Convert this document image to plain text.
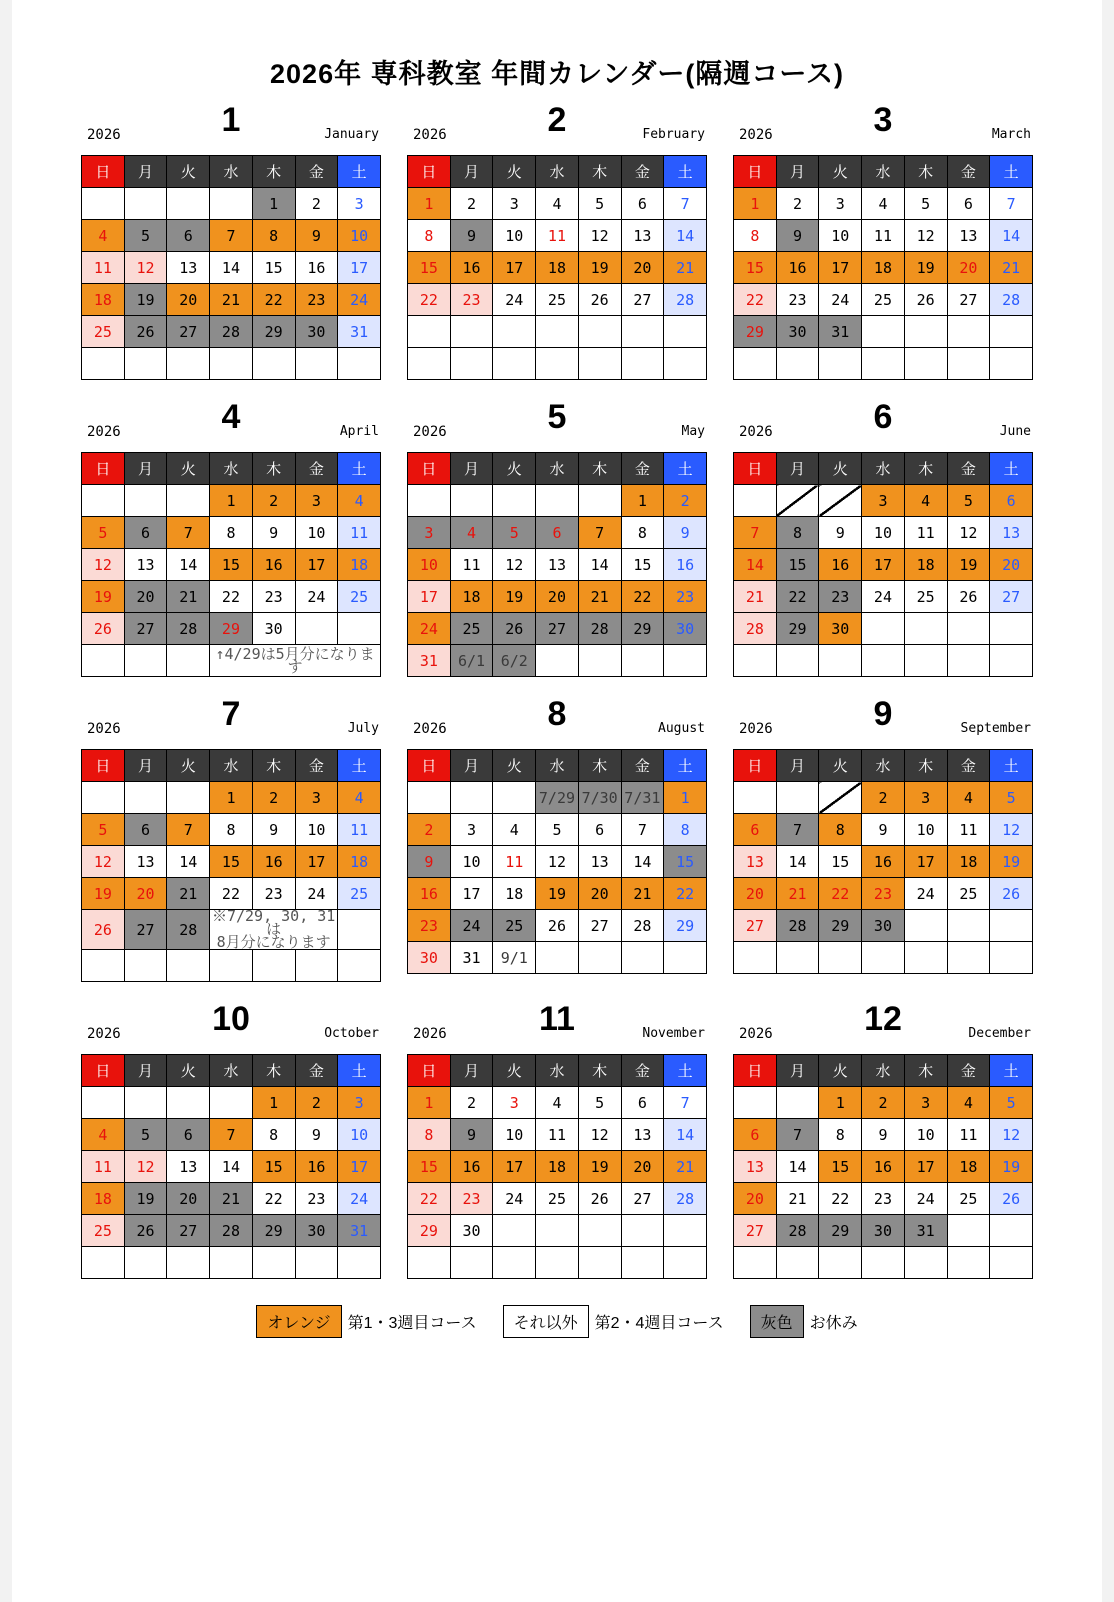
2026年 専科教室 年間カレンダー(隔週コース)
1
2026	January
日	月	火	水	木	金	土
				1	2	3
4	5	6	7	8	9	10
11	12	13	14	15	16	17
18	19	20	21	22	23	24
25	26	27	28	29	30	31

2
2026	February
日	月	火	水	木	金	土
1	2	3	4	5	6	7
8	9	10	11	12	13	14
15	16	17	18	19	20	21
22	23	24	25	26	27	28

3
2026	March
日	月	火	水	木	金	土
1	2	3	4	5	6	7
8	9	10	11	12	13	14
15	16	17	18	19	20	21
22	23	24	25	26	27	28
29	30	31				

4
2026	April
日	月	火	水	木	金	土
			1	2	3	4
5	6	7	8	9	10	11
12	13	14	15	16	17	18
19	20	21	22	23	24	25
26	27	28	29	30		
			↑4/29は5月分になります			
5
2026	May
日	月	火	水	木	金	土
					1	2
3	4	5	6	7	8	9
10	11	12	13	14	15	16
17	18	19	20	21	22	23
24	25	26	27	28	29	30
31	6/1	6/2				
6
2026	June
日	月	火	水	木	金	土
			3	4	5	6
7	8	9	10	11	12	13
14	15	16	17	18	19	20
21	22	23	24	25	26	27
28	29	30				

7
2026	July
日	月	火	水	木	金	土
			1	2	3	4
5	6	7	8	9	10	11
12	13	14	15	16	17	18
19	20	21	22	23	24	25
26	27	28	※7/29, 30, 31は
8月分になります			

8
2026	August
日	月	火	水	木	金	土
			7/29	7/30	7/31	1
2	3	4	5	6	7	8
9	10	11	12	13	14	15
16	17	18	19	20	21	22
23	24	25	26	27	28	29
30	31	9/1				
9
2026	September
日	月	火	水	木	金	土
			2	3	4	5
6	7	8	9	10	11	12
13	14	15	16	17	18	19
20	21	22	23	24	25	26
27	28	29	30			

10
2026	October
日	月	火	水	木	金	土
				1	2	3
4	5	6	7	8	9	10
11	12	13	14	15	16	17
18	19	20	21	22	23	24
25	26	27	28	29	30	31

11
2026	November
日	月	火	水	木	金	土
1	2	3	4	5	6	7
8	9	10	11	12	13	14
15	16	17	18	19	20	21
22	23	24	25	26	27	28
29	30					

12
2026	December
日	月	火	水	木	金	土
		1	2	3	4	5
6	7	8	9	10	11	12
13	14	15	16	17	18	19
20	21	22	23	24	25	26
27	28	29	30	31		

オレンジ	第1・3週目コース	それ以外	第2・4週目コース	灰色	お休み
